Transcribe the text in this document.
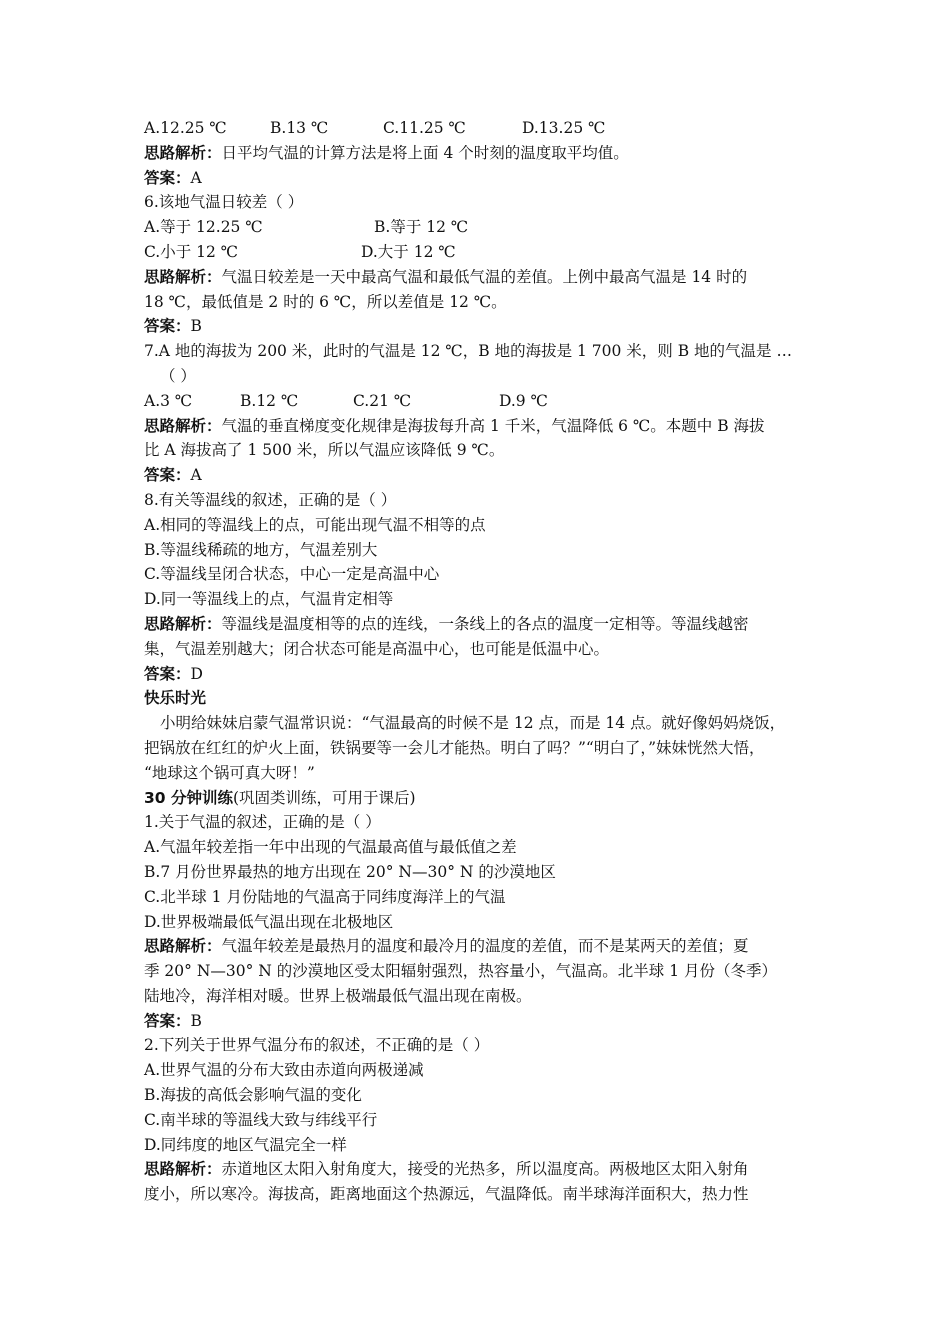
A.12.25 ℃	B.13 ℃	C.11.25 ℃	D.13.25 ℃
思路解析：日平均气温的计算方法是将上面 4 个时刻的温度取平均值。
答案：A
6.该地气温日较差（ ）
A.等于 12.25 ℃	B.等于 12 ℃
C.小于 12 ℃	D.大于 12 ℃
思路解析：气温日较差是一天中最高气温和最低气温的差值。上例中最高气温是 14 时的
18 ℃，最低值是 2 时的 6 ℃，所以差值是 12 ℃。
答案：B
7.A 地的海拔为 200 米，此时的气温是 12 ℃，B 地的海拔是 1 700 米，则 B 地的气温是 …
（ ）
A.3 ℃	B.12 ℃	C.21 ℃	D.9 ℃
思路解析：气温的垂直梯度变化规律是海拔每升高 1 千米，气温降低 6 ℃。本题中 B 海拔
比 A 海拔高了 1 500 米，所以气温应该降低 9 ℃。
答案：A
8.有关等温线的叙述，正确的是（ ）
A.相同的等温线上的点，可能出现气温不相等的点
B.等温线稀疏的地方，气温差别大
C.等温线呈闭合状态，中心一定是高温中心
D.同一等温线上的点，气温肯定相等
思路解析：等温线是温度相等的点的连线，一条线上的各点的温度一定相等。等温线越密
集，气温差别越大；闭合状态可能是高温中心，也可能是低温中心。
答案：D
快乐时光
小明给妹妹启蒙气温常识说：“气温最高的时候不是 12 点，而是 14 点。就好像妈妈烧饭，
把锅放在红红的炉火上面，铁锅要等一会儿才能热。明白了吗？”“明白了，”妹妹恍然大悟，
“地球这个锅可真大呀！”
30 分钟训练(巩固类训练，可用于课后)
1.关于气温的叙述，正确的是（ ）
A.气温年较差指一年中出现的气温最高值与最低值之差
B.7 月份世界最热的地方出现在 20° N—30° N 的沙漠地区
C.北半球 1 月份陆地的气温高于同纬度海洋上的气温
D.世界极端最低气温出现在北极地区
思路解析：气温年较差是最热月的温度和最冷月的温度的差值，而不是某两天的差值；夏
季 20° N—30° N 的沙漠地区受太阳辐射强烈，热容量小，气温高。北半球 1 月份（冬季）
陆地冷，海洋相对暖。世界上极端最低气温出现在南极。
答案：B
2.下列关于世界气温分布的叙述，不正确的是（ ）
A.世界气温的分布大致由赤道向两极递减
B.海拔的高低会影响气温的变化
C.南半球的等温线大致与纬线平行
D.同纬度的地区气温完全一样
思路解析：赤道地区太阳入射角度大，接受的光热多，所以温度高。两极地区太阳入射角
度小，所以寒冷。海拔高，距离地面这个热源远，气温降低。南半球海洋面积大，热力性
